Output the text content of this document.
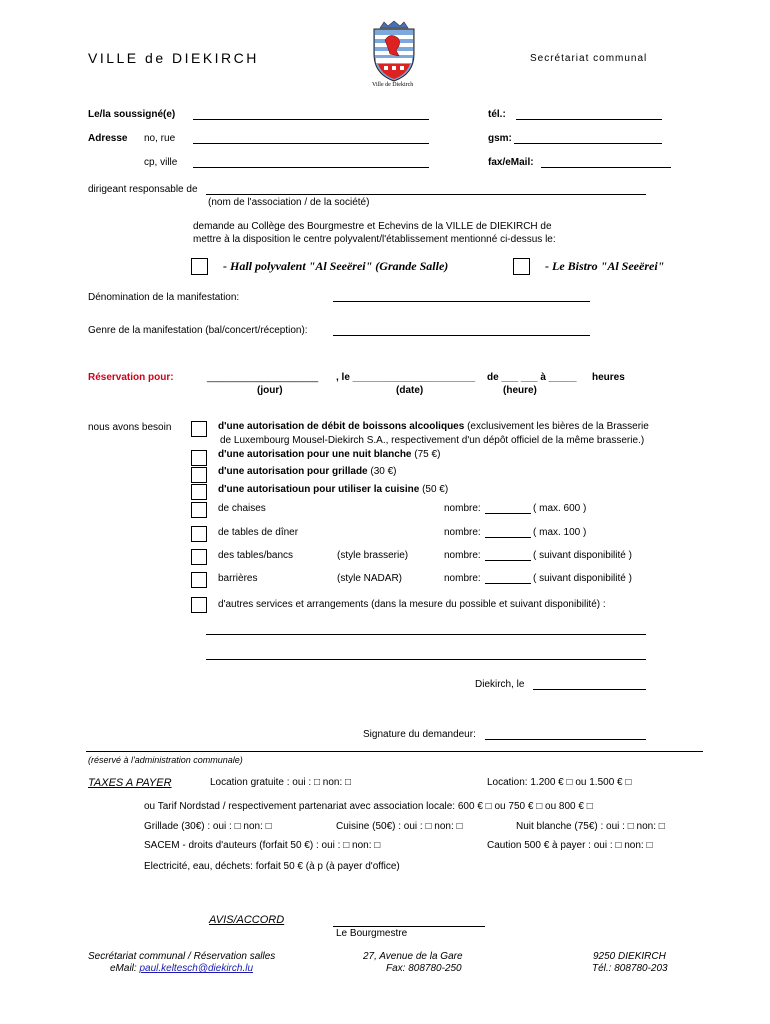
VILLE de DIEKIRCH	Secrétariat communal
Ville de Diekirch
Le/la soussigné(e)	tél.:
Adresse no, rue	gsm:
cp, ville	fax/eMail:
dirigeant responsable de
(nom de l'association / de la société)
demande au Collège des Bourgmestre et Echevins de la VILLE de DIEKIRCH de
mettre à la disposition le centre polyvalent/l'établissement mentionné ci-dessus le:
- Hall polyvalent "Al Seeërei" (Grande Salle)	- Le Bistro "Al Seeërei"
Dénomination de la manifestation:
Genre de la manifestation (bal/concert/réception):
Réservation pour:	____________________ , le ______________________ de ___ ___ à _____ heures
(jour)	(date)	(heure)
nous avons besoin	d'une autorisation de débit de boissons alcooliques (exclusivement les bières de la Brasserie
de Luxembourg Mousel-Diekirch S.A., respectivement d'un dépôt officiel de la même brasserie.)
d'une autorisation pour une nuit blanche (75 €)
d'une autorisation pour grillade (30 €)
d'une autorisatioun pour utiliser la cuisine (50 €)
de chaises	nombre:	( max. 600 )
de tables de dîner	nombre:	( max. 100 )
des tables/bancs	(style brasserie)	nombre:	( suivant disponibilité )
barrières	(style NADAR)	nombre:	( suivant disponibilité )
d'autres services et arrangements (dans la mesure du possible et suivant disponibilité) :
Diekirch, le
Signature du demandeur:
(réservé à l'administration communale)
TAXES A PAYER	Location gratuite : oui : □ non: □	Location: 1.200 € □ ou 1.500 € □
ou Tarif Nordstad / respectivement partenariat avec association locale: 600 € □ ou 750 € □ ou 800 € □
Grillade (30€) : oui : □ non: □	Cuisine (50€) : oui : □ non: □	Nuit blanche (75€) : oui : □ non: □
SACEM - droits d'auteurs (forfait 50 €) : oui : □ non: □	Caution 500 € à payer : oui : □ non: □
Electricité, eau, déchets: forfait 50 € (à p (à payer d'office)
AVIS/ACCORD
Le Bourgmestre
Secrétariat communal / Réservation salles
eMail: paul.keltesch@diekirch.lu
27, Avenue de la Gare
Fax: 808780-250
9250 DIEKIRCH
Tél.: 808780-203
